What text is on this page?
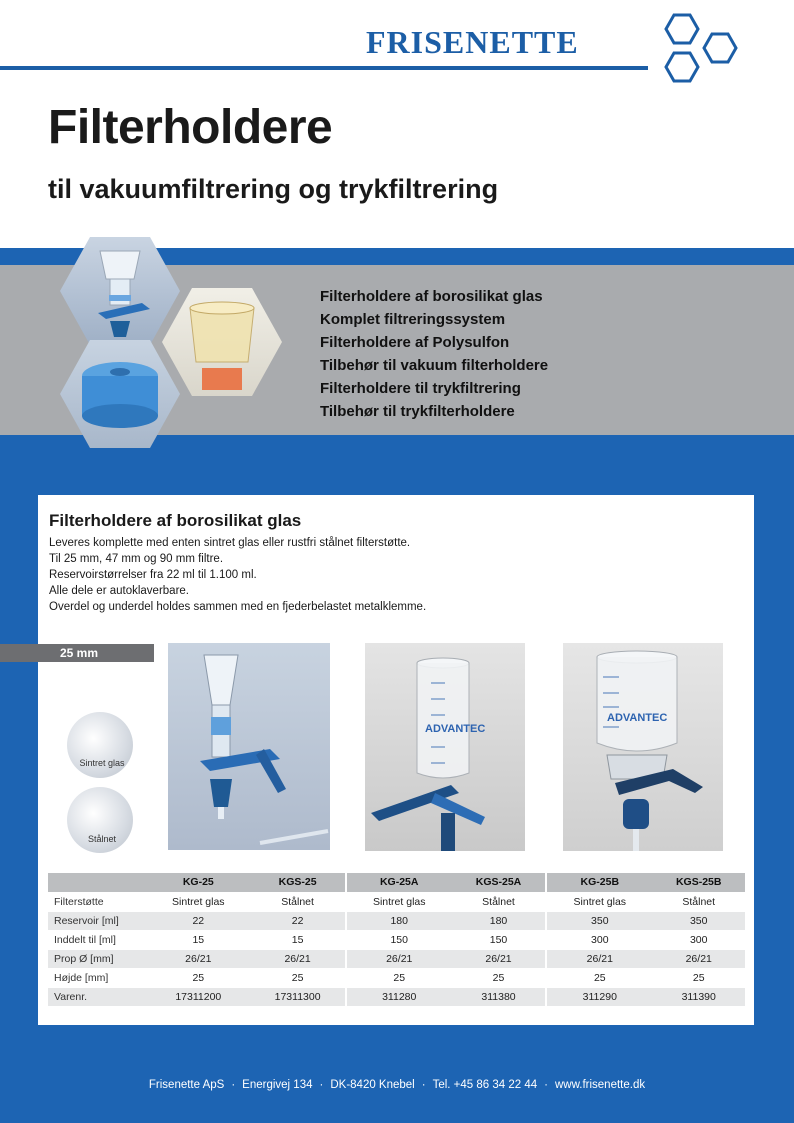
FRISENETTE
Filterholdere
til vakuumfiltrering og trykfiltrering
Filterholdere af borosilikat glas
Komplet filtreringssystem
Filterholdere af Polysulfon
Tilbehør til vakuum filterholdere
Filterholdere til trykfiltrering
Tilbehør til trykfilterholdere
Filterholdere af borosilikat glas
Leveres komplette med enten sintret glas eller rustfri stålnet filterstøtte.
Til 25 mm, 47 mm og 90 mm filtre.
Reservoirstørrelser fra 22 ml til 1.100 ml.
Alle dele er autoklaverbare.
Overdel og underdel holdes sammen med en fjederbelastet metalklemme.
25 mm
Sintret glas
Stålnet
ADVANTEC
ADVANTEC
	KG-25	KGS-25	KG-25A	KGS-25A	KG-25B	KGS-25B
Filterstøtte	Sintret glas	Stålnet	Sintret glas	Stålnet	Sintret glas	Stålnet
Reservoir [ml]	22	22	180	180	350	350
Inddelt til [ml]	15	15	150	150	300	300
Prop Ø [mm]	26/21	26/21	26/21	26/21	26/21	26/21
Højde [mm]	25	25	25	25	25	25
Varenr.	17311200	17311300	311280	311380	311290	311390
Frisenette ApS · Energivej 134 · DK-8420 Knebel · Tel. +45 86 34 22 44 · www.frisenette.dk
